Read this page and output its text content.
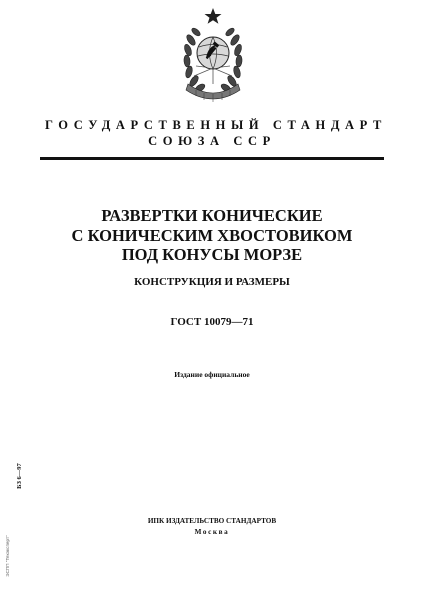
ГОСУДАРСТВЕННЫЙ СТАНДАРТ
СОЮЗА ССР
РАЗВЕРТКИ КОНИЧЕСКИЕ
С КОНИЧЕСКИМ ХВОСТОВИКОМ
ПОД КОНУСЫ МОРЗЕ
КОНСТРУКЦИЯ И РАЗМЕРЫ
ГОСТ 10079—71
Издание официальное
БЗ 6—97
ЭСПП "Техэксперт"
ИПК ИЗДАТЕЛЬСТВО СТАНДАРТОВ
Москва
